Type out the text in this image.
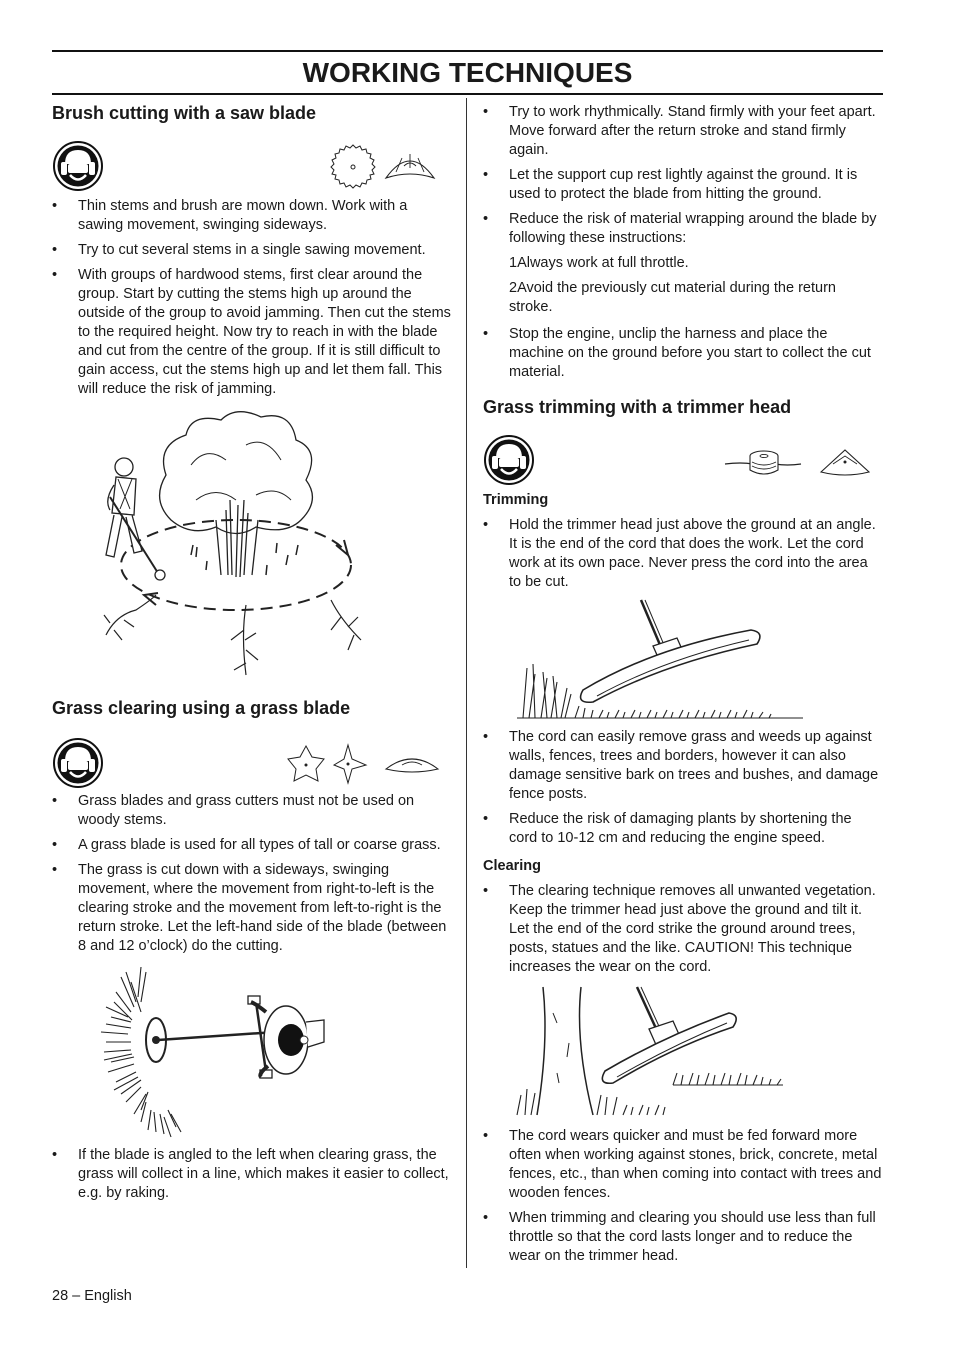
WORKING TECHNIQUES
Brush cutting with a saw blade
• Thin stems and brush are mown down. Work with a sawing movement, swinging sideways.
• Try to cut several stems in a single sawing movement.
• With groups of hardwood stems, first clear around the group. Start by cutting the stems high up around the outside of the group to avoid jamming. Then cut the stems to the required height. Now try to reach in with the blade and cut from the centre of the group. If it is still difficult to gain access, cut the stems high up and let them fall. This will reduce the risk of jamming.
Grass clearing using a grass blade
• Grass blades and grass cutters must not be used on woody stems.
• A grass blade is used for all types of tall or coarse grass.
• The grass is cut down with a sideways, swinging movement, where the movement from right-to-left is the clearing stroke and the movement from left-to-right is the return stroke. Let the left-hand side of the blade (between 8 and 12 o’clock) do the cutting.
• If the blade is angled to the left when clearing grass, the grass will collect in a line, which makes it easier to collect, e.g. by raking.
• Try to work rhythmically. Stand firmly with your feet apart. Move forward after the return stroke and stand firmly again.
• Let the support cup rest lightly against the ground. It is used to protect the blade from hitting the ground.
• Reduce the risk of material wrapping around the blade by following these instructions:

1Always work at full throttle.

2Avoid the previously cut material during the return stroke.

• Stop the engine, unclip the harness and place the machine on the ground before you start to collect the cut material.
Grass trimming with a trimmer head
Trimming
• Hold the trimmer head just above the ground at an angle. It is the end of the cord that does the work. Let the cord work at its own pace. Never press the cord into the area to be cut.
• The cord can easily remove grass and weeds up against walls, fences, trees and borders, however it can also damage sensitive bark on trees and bushes, and damage fence posts.
• Reduce the risk of damaging plants by shortening the cord to 10-12 cm and reducing the engine speed.
Clearing
• The clearing technique removes all unwanted vegetation. Keep the trimmer head just above the ground and tilt it. Let the end of the cord strike the ground around trees, posts, statues and the like. CAUTION! This technique increases the wear on the cord.
• The cord wears quicker and must be fed forward more often when working against stones, brick, concrete, metal fences, etc., than when coming into contact with trees and wooden fences.
• When trimming and clearing you should use less than full throttle so that the cord lasts longer and to reduce the wear on the trimmer head.
28 – English
